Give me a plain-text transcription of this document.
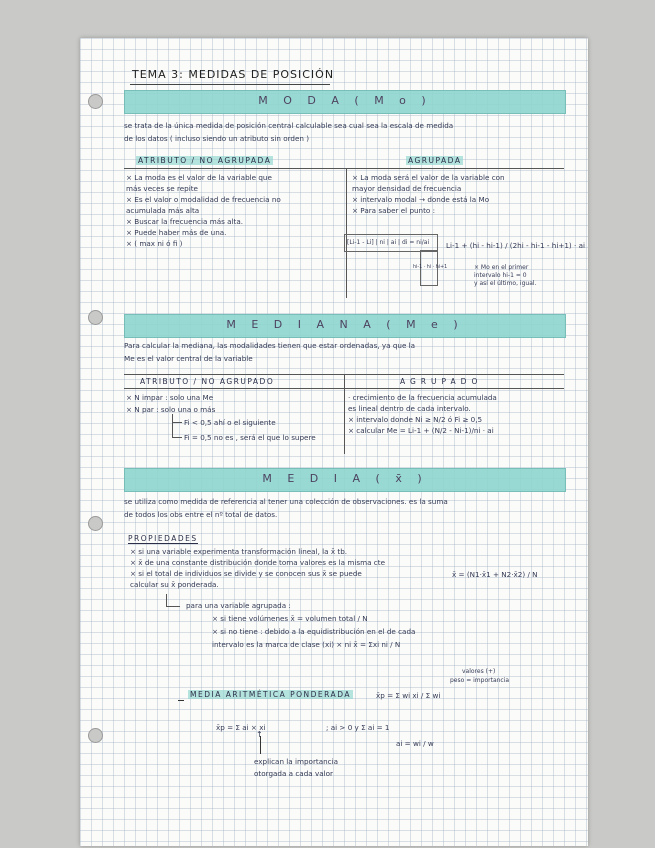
TEMA 3: MEDIDAS DE POSICIÓN
M O D A ( M o )
se trata de la única medida de posición central calculable sea cual sea la escala de medida
de los datos ( incluso siendo un atributo sin orden )
ATRIBUTO / NO AGRUPADA	AGRUPADA
× La moda es el valor de la variable que
más veces se repite
× Es el valor o modalidad de frecuencia no
acumulada más alta
× Buscar la frecuencia más alta.
× Puede haber más de una.
× ( max ni ó fi )
× La moda será el valor de la variable con
mayor densidad de frecuencia
× intervalo modal → donde está la Mo
× Para saber el punto :
[Li-1 - Li] | ni | ai | di = ni/ai
hi-1 · hi · hi+1
Li-1 + (hi - hi-1) / (2hi - hi-1 - hi+1) · ai
× Mo en el primer
intervalo hi-1 = 0
y así el último, igual.
M E D I A N A ( M e )
Para calcular la mediana, las modalidades tienen que estar ordenadas, ya que la
Me es el valor central de la variable
ATRIBUTO / NO AGRUPADO	AGRUPADO
× N impar : solo una Me
× N par : solo una o más
Fi < 0,5 ahí o el siguiente
Fi = 0,5 no es , será el que lo supere
· crecimiento de la frecuencia acumulada
es lineal dentro de cada intervalo.
× intervalo donde Ni ≥ N/2 ó Fi ≥ 0,5
× calcular Me = Li-1 + (N/2 - Ni-1)/ni · ai
M E D I A ( x̄ )
se utiliza como medida de referencia al tener una colección de observaciones. es la suma
de todos los obs entre el nº total de datos.
PROPIEDADES
× si una variable experimenta transformación lineal, la x̄ tb.
× x̄ de una constante distribución donde toma valores es la misma cte
× si el total de individuos se divide y se conocen sus x̄ se puede
calcular su x̄ ponderada.
x̄ = (N1·x̄1 + N2·x̄2) / N
para una variable agrupada :
× si tiene volúmenes x̄ = volumen total / N
× si no tiene : debido a la equidistribución en el de cada
intervalo es la marca de clase (xi) × ni x̄ = Σxi ni / N
valores (+)
peso = importancia
MEDIA ARITMÉTICA PONDERADA	x̄p = Σ wi xi / Σ wi
x̄p = Σ ai × xi	; ai > 0 y Σ ai = 1
ai = wi / w
↑
explican la importancia
otorgada a cada valor
